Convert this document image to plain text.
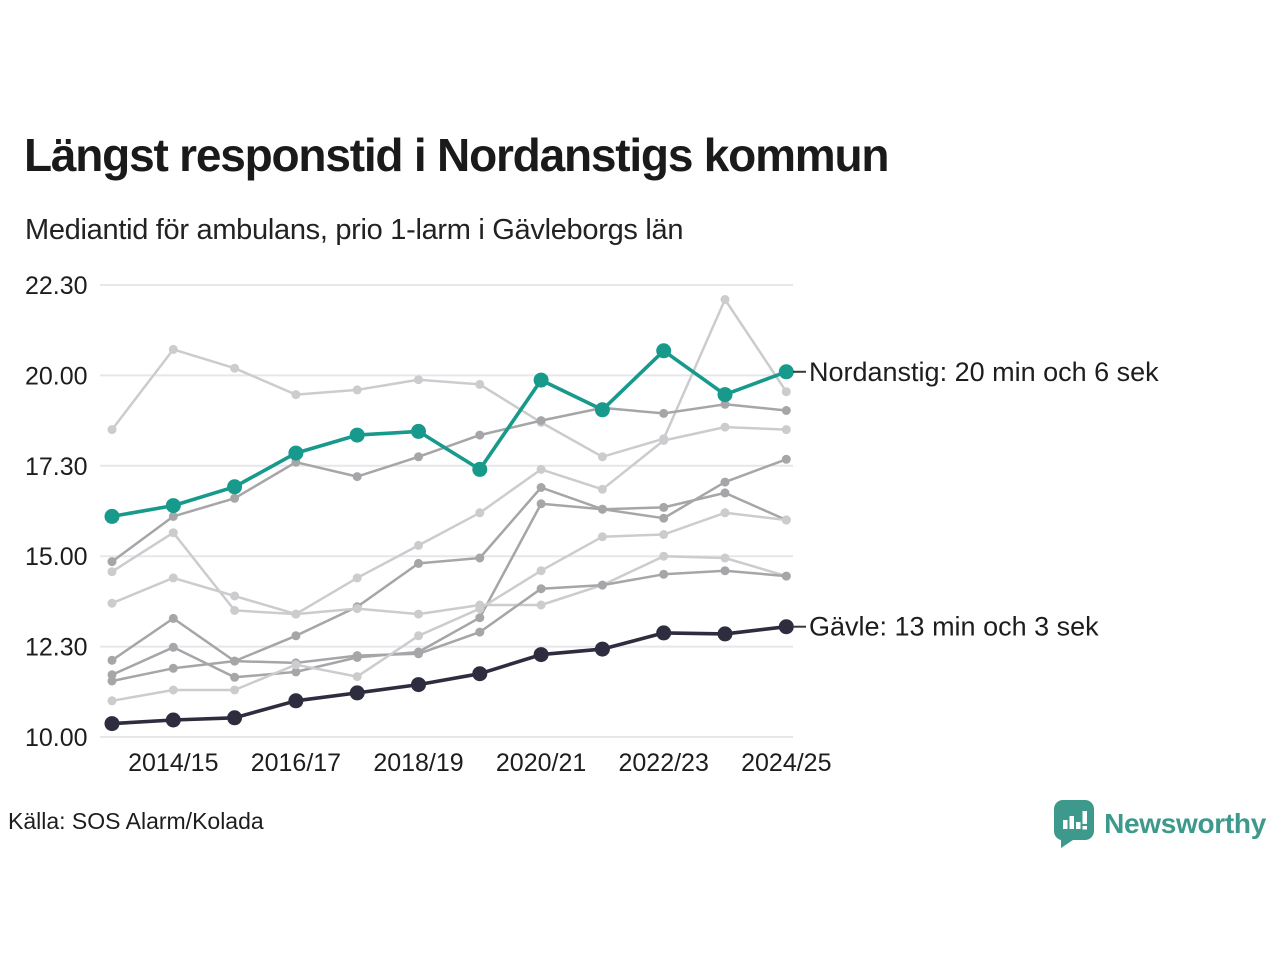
22.30
20.00
17.30
15.00
12.30
10.00
2014/15 2016/17 2018/19 2020/21 2022/23 2024/25
Gävle: 13 min och 3 sek
Nordanstig: 20 min och 6 sek
Längst responstid i Nordanstigs kommun
Mediantid för ambulans, prio 1-larm i Gävleborgs län
Källa: SOS Alarm/Kolada	Newsworthy
